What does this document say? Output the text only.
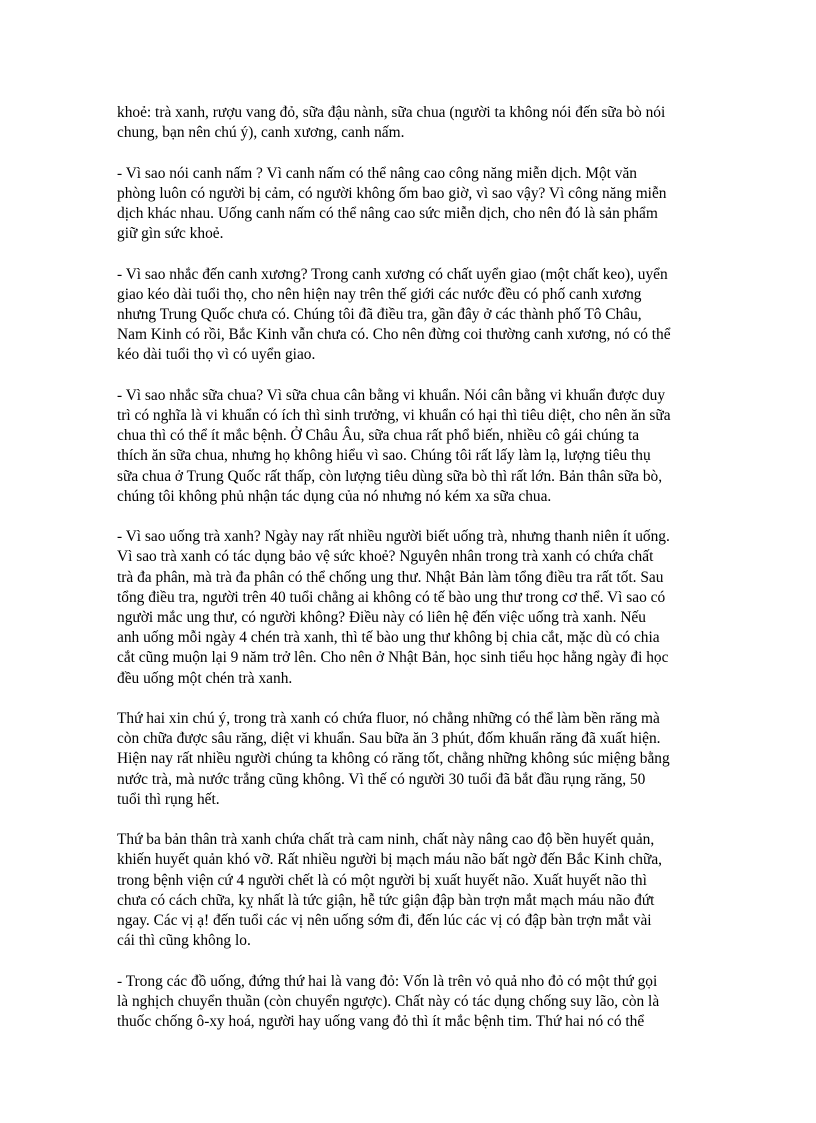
khoẻ: trà xanh, rượu vang đỏ, sữa đậu nành, sữa chua (người ta không nói đến sữa bò nói
chung, bạn nên chú ý), canh xương, canh nấm.

- Vì sao nói canh nấm ? Vì canh nấm có thể nâng cao công năng miễn dịch. Một văn
phòng luôn có người bị cảm, có người không ốm bao giờ, vì sao vậy? Vì công năng miễn
dịch khác nhau. Uống canh nấm có thể nâng cao sức miễn dịch, cho nên đó là sản phẩm
giữ gìn sức khoẻ.

- Vì sao nhắc đến canh xương? Trong canh xương có chất uyển giao (một chất keo), uyển
giao kéo dài tuổi thọ, cho nên hiện nay trên thế giới các nước đều có phố canh xương
nhưng Trung Quốc chưa có. Chúng tôi đã điều tra, gần đây ở các thành phố Tô Châu,
Nam Kinh có rồi, Bắc Kinh vẫn chưa có. Cho nên đừng coi thường canh xương, nó có thể
kéo dài tuổi thọ vì có uyển giao.

- Vì sao nhắc sữa chua? Vì sữa chua cân bằng vi khuẩn. Nói cân bằng vi khuẩn được duy
trì có nghĩa là vi khuẩn có ích thì sinh trưởng, vi khuẩn có hại thì tiêu diệt, cho nên ăn sữa
chua thì có thể ít mắc bệnh. Ở Châu Âu, sữa chua rất phổ biến, nhiều cô gái chúng ta
thích ăn sữa chua, nhưng họ không hiểu vì sao. Chúng tôi rất lấy làm lạ, lượng tiêu thụ
sữa chua ở Trung Quốc rất thấp, còn lượng tiêu dùng sữa bò thì rất lớn. Bản thân sữa bò,
chúng tôi không phủ nhận tác dụng của nó nhưng nó kém xa sữa chua.

- Vì sao uống trà xanh? Ngày nay rất nhiều người biết uống trà, nhưng thanh niên ít uống.
Vì sao trà xanh có tác dụng bảo vệ sức khoẻ? Nguyên nhân trong trà xanh có chứa chất
trà đa phân, mà trà đa phân có thể chống ung thư. Nhật Bản làm tổng điều tra rất tốt. Sau
tổng điều tra, người trên 40 tuổi chẳng ai không có tế bào ung thư trong cơ thể. Vì sao có
người mắc ung thư, có người không? Điều này có liên hệ đến việc uống trà xanh. Nếu
anh uống mỗi ngày 4 chén trà xanh, thì tế bào ung thư không bị chia cắt, mặc dù có chia
cắt cũng muộn lại 9 năm trở lên. Cho nên ở Nhật Bản, học sinh tiểu học hằng ngày đi học
đều uống một chén trà xanh.

Thứ hai xin chú ý, trong trà xanh có chứa fluor, nó chẳng những có thể làm bền răng mà
còn chữa được sâu răng, diệt vi khuẩn. Sau bữa ăn 3 phút, đốm khuẩn răng đã xuất hiện.
Hiện nay rất nhiều người chúng ta không có răng tốt, chẳng những không súc miệng bằng
nước trà, mà nước trắng cũng không. Vì thế có người 30 tuổi đã bắt đầu rụng răng, 50
tuổi thì rụng hết.

Thứ ba bản thân trà xanh chứa chất trà cam ninh, chất này nâng cao độ bền huyết quản,
khiến huyết quản khó vỡ. Rất nhiều người bị mạch máu não bất ngờ đến Bắc Kinh chữa,
trong bệnh viện cứ 4 người chết là có một người bị xuất huyết não. Xuất huyết não thì
chưa có cách chữa, kỵ nhất là tức giận, hễ tức giận đập bàn trợn mắt mạch máu não đứt
ngay. Các vị ạ! đến tuổi các vị nên uống sớm đi, đến lúc các vị có đập bàn trợn mắt vài
cái thì cũng không lo.

- Trong các đồ uống, đứng thứ hai là vang đỏ: Vốn là trên vỏ quả nho đỏ có một thứ gọi
là nghịch chuyển thuần (còn chuyển ngược). Chất này có tác dụng chống suy lão, còn là
thuốc chống ô-xy hoá, người hay uống vang đỏ thì ít mắc bệnh tim. Thứ hai nó có thể
